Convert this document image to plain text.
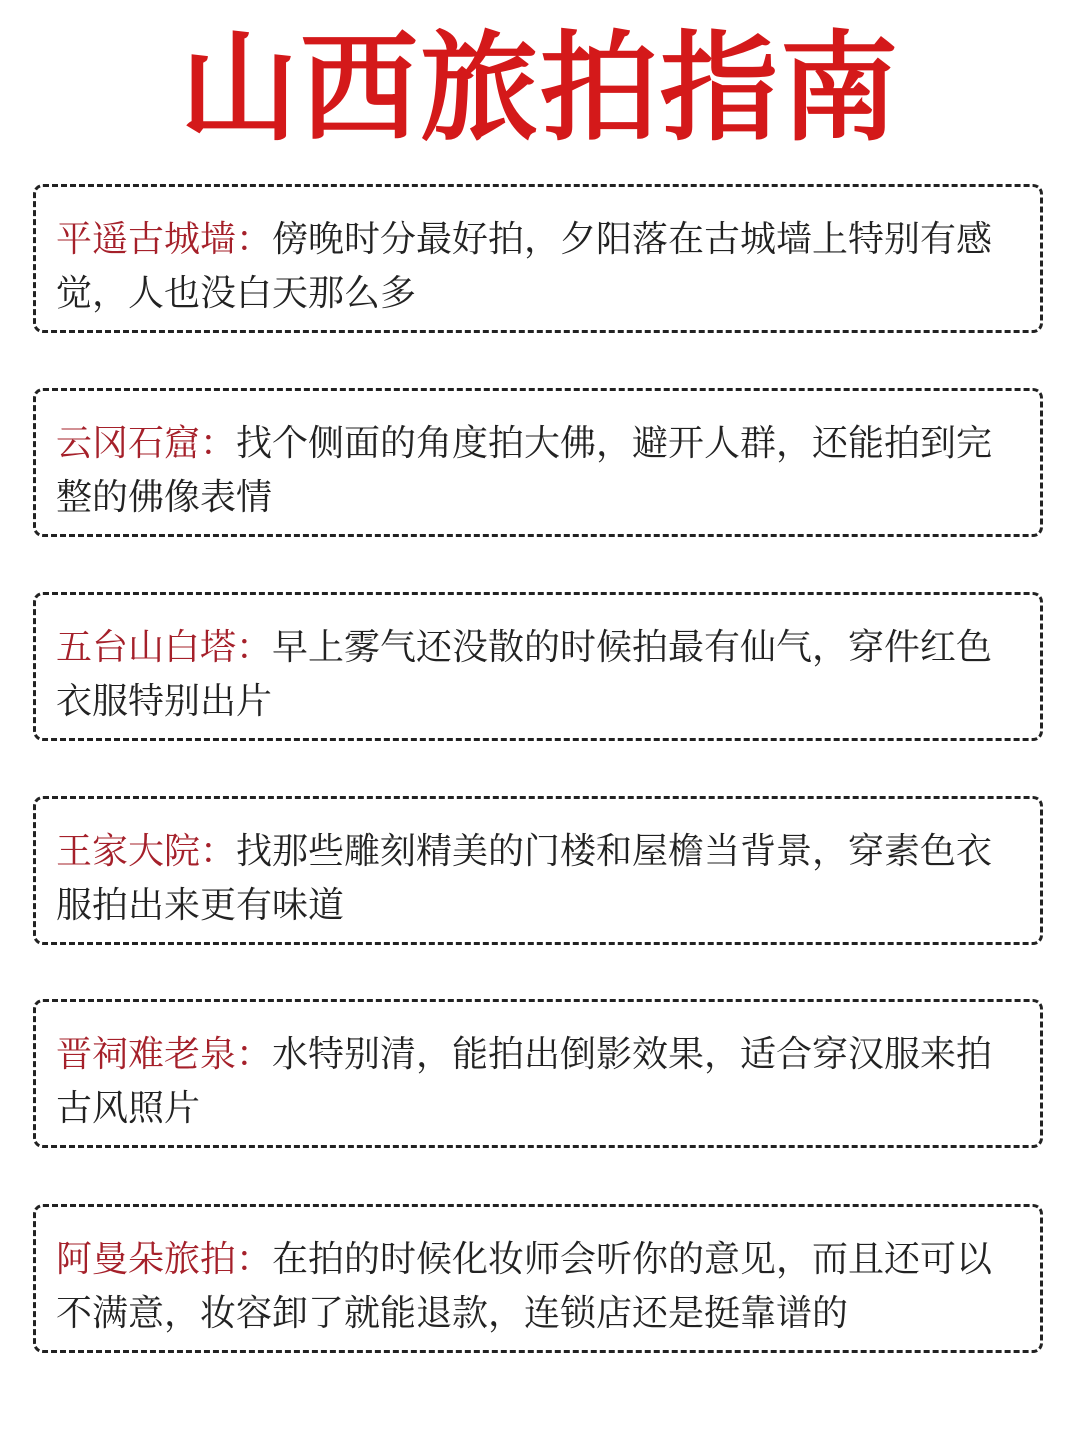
山西旅拍指南
平遥古城墙：傍晚时分最好拍，夕阳落在古城墙上特别有感觉，人也没白天那么多
云冈石窟：找个侧面的角度拍大佛，避开人群，还能拍到完整的佛像表情
五台山白塔：早上雾气还没散的时候拍最有仙气，穿件红色衣服特别出片
王家大院：找那些雕刻精美的门楼和屋檐当背景，穿素色衣服拍出来更有味道
晋祠难老泉：水特别清，能拍出倒影效果，适合穿汉服来拍古风照片
阿曼朵旅拍：在拍的时候化妆师会听你的意见，而且还可以不满意，妆容卸了就能退款，连锁店还是挺靠谱的
